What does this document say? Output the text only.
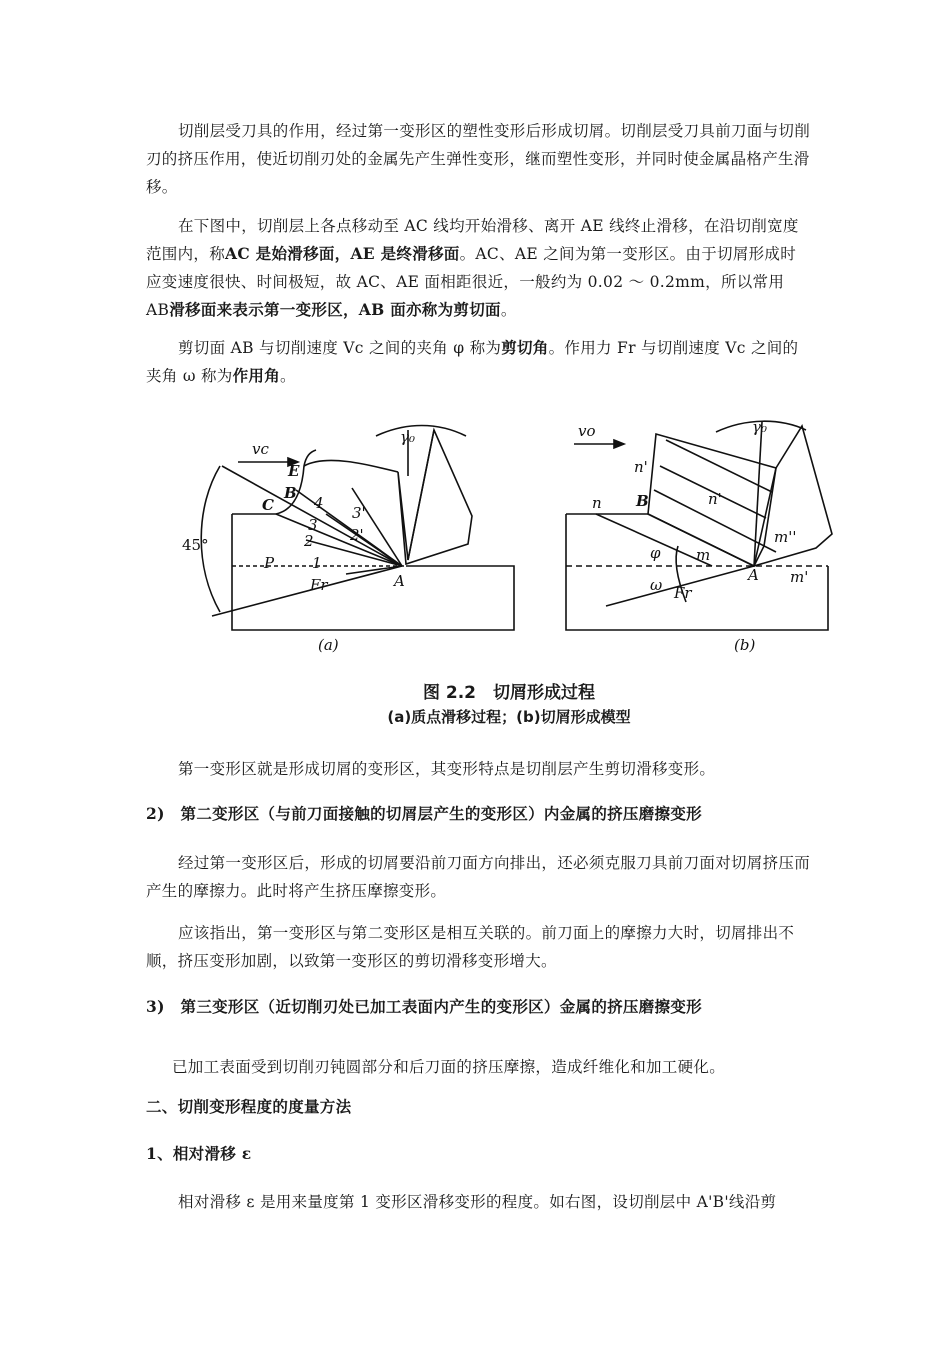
切削层受刀具的作用，经过第一变形区的塑性变形后形成切屑。切削层受刀具前刀面与切削刃的挤压作用，使近切削刃处的金属先产生弹性变形，继而塑性变形，并同时使金属晶格产生滑移。

在下图中，切削层上各点移动至 AC 线均开始滑移、离开 AE 线终止滑移，在沿切削宽度范围内，称AC 是始滑移面，AE 是终滑移面。AC、AE 之间为第一变形区。由于切屑形成时应变速度很快、时间极短，故 AC、AE 面相距很近，一般约为 0.02 ～ 0.2mm，所以常用 AB滑移面来表示第一变形区，AB 面亦称为剪切面。

剪切面 AB 与切削速度 Vc 之间的夹角 φ 称为剪切角。作用力 Fr 与切削速度 Vc 之间的夹角 ω 称为作用角。

vc
γ₀
E
B
C	4
3'
3
2 2'
1
P
Fr	A
45°
vo	γ₀
n'
B
n	n'
m''
φ m
ω
A m'
Fr
(a)	(b)
图 2.2　切屑形成过程
(a)质点滑移过程；(b)切屑形成模型

第一变形区就是形成切屑的变形区，其变形特点是切削层产生剪切滑移变形。

2)　第二变形区（与前刀面接触的切屑层产生的变形区）内金属的挤压磨擦变形

经过第一变形区后，形成的切屑要沿前刀面方向排出，还必须克服刀具前刀面对切屑挤压而产生的摩擦力。此时将产生挤压摩擦变形。

应该指出，第一变形区与第二变形区是相互关联的。前刀面上的摩擦力大时，切屑排出不顺，挤压变形加剧，以致第一变形区的剪切滑移变形增大。

3)　第三变形区（近切削刃处已加工表面内产生的变形区）金属的挤压磨擦变形

已加工表面受到切削刃钝圆部分和后刀面的挤压摩擦，造成纤维化和加工硬化。

二、切削变形程度的度量方法

1、相对滑移 ε

相对滑移 ε 是用来量度第 1 变形区滑移变形的程度。如右图，设切削层中 A'B'线沿剪
